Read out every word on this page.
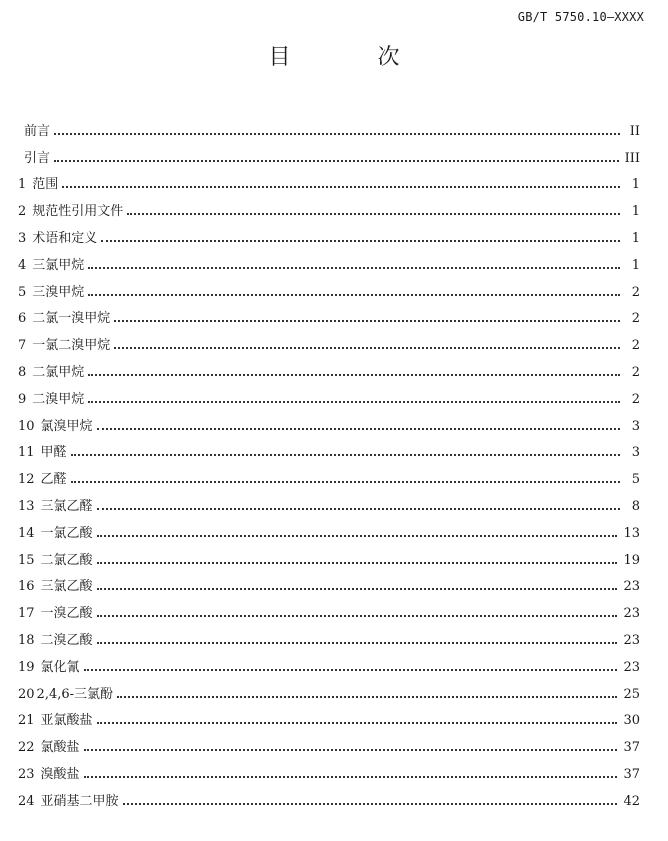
GB/T 5750.10—XXXX
目 次
前言	II
引言	III
1 范围	1
2 规范性引用文件	1
3 术语和定义	1
4 三氯甲烷	1
5 三溴甲烷	2
6 二氯一溴甲烷	2
7 一氯二溴甲烷	2
8 二氯甲烷	2
9 二溴甲烷	2
10 氯溴甲烷	3
11 甲醛	3
12 乙醛	5
13 三氯乙醛	8
14 一氯乙酸	13
15 二氯乙酸	19
16 三氯乙酸	23
17 一溴乙酸	23
18 二溴乙酸	23
19 氯化氰	23
20 2,4,6-三氯酚	25
21 亚氯酸盐	30
22 氯酸盐	37
23 溴酸盐	37
24 亚硝基二甲胺	42
